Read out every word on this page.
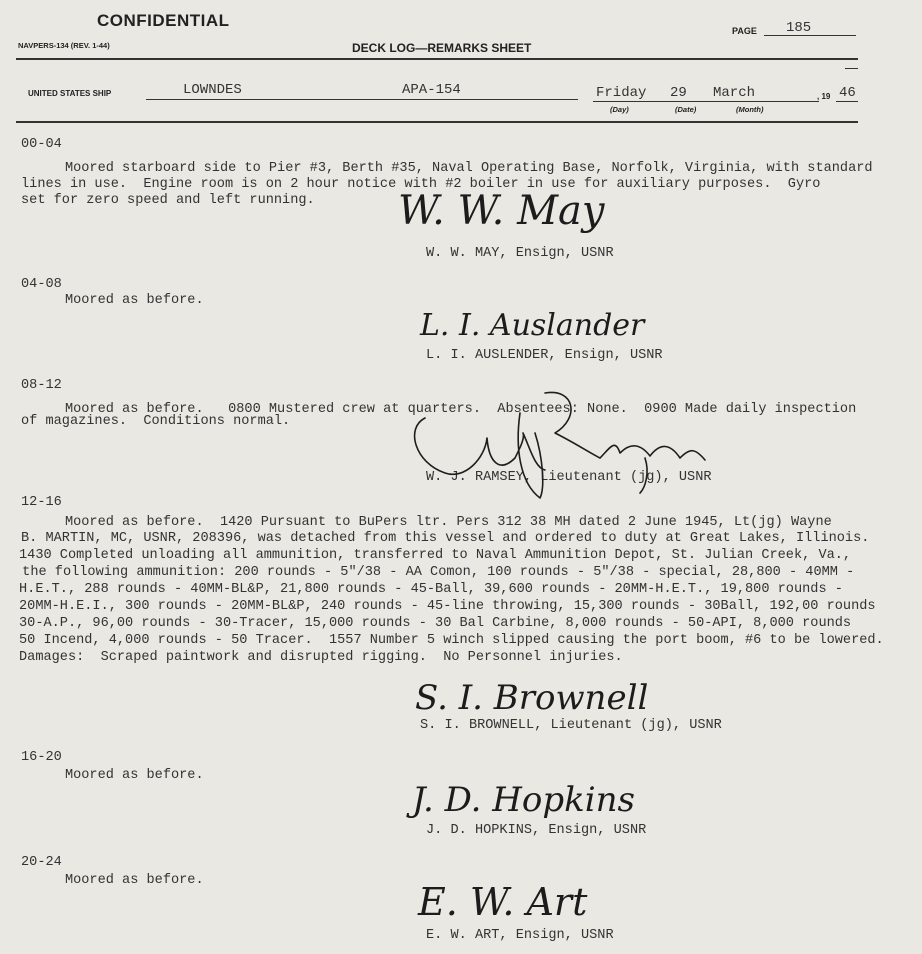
CONFIDENTIAL
NAVPERS-134 (REV. 1-44)	DECK LOG—REMARKS SHEET
PAGE 185
UNITED STATES SHIP	LOWNDES	APA-154	Friday 29 March	, 19 46
(Day)	(Date)	(Month)
00-04
Moored starboard side to Pier #3, Berth #35, Naval Operating Base, Norfolk, Virginia, with standard
lines in use.  Engine room is on 2 hour notice with #2 boiler in use for auxiliary purposes.  Gyro
set for zero speed and left running.
W. W. MAY, Ensign, USNR
W. W. May
04-08
Moored as before.
L. I. AUSLENDER, Ensign, USNR
L. I. Auslander
08-12
Moored as before.   0800 Mustered crew at quarters.  Absentees: None.  0900 Made daily inspection
of magazines.  Conditions normal.
W. J. RAMSEY, Lieutenant (jg), USNR
12-16
Moored as before.  1420 Pursuant to BuPers ltr. Pers 312 38 MH dated 2 June 1945, Lt(jg) Wayne
B. MARTIN, MC, USNR, 208396, was detached from this vessel and ordered to duty at Great Lakes, Illinois.
1430 Completed unloading all ammunition, transferred to Naval Ammunition Depot, St. Julian Creek, Va.,
the following ammunition: 200 rounds - 5"/38 - AA Comon, 100 rounds - 5"/38 - special, 28,800 - 40MM -
H.E.T., 288 rounds - 40MM-BL&P, 21,800 rounds - 45-Ball, 39,600 rounds - 20MM-H.E.T., 19,800 rounds -
20MM-H.E.I., 300 rounds - 20MM-BL&P, 240 rounds - 45-line throwing, 15,300 rounds - 30Ball, 192,00 rounds
30-A.P., 96,00 rounds - 30-Tracer, 15,000 rounds - 30 Bal Carbine, 8,000 rounds - 50-API, 8,000 rounds
50 Incend, 4,000 rounds - 50 Tracer.  1557 Number 5 winch slipped causing the port boom, #6 to be lowered.
Damages:  Scraped paintwork and disrupted rigging.  No Personnel injuries.
S. I. BROWNELL, Lieutenant (jg), USNR
S. I. Brownell
16-20
Moored as before.
J. D. HOPKINS, Ensign, USNR
J. D. Hopkins
20-24
Moored as before.
E. W. ART, Ensign, USNR
E. W. Art
